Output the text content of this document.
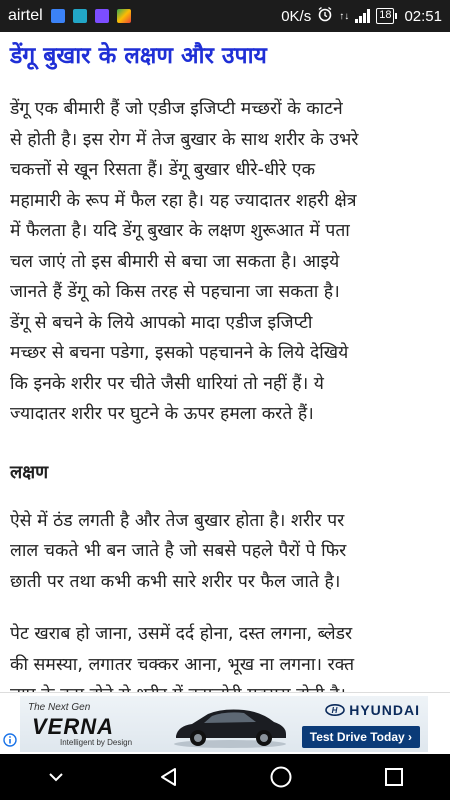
airtel	0K/s	↑↓	18 02:51
डेंगू बुखार के लक्षण और उपाय
डेंगू एक बीमारी हैं जो एडीज इजिप्टी मच्छरों के काटने
से होती है। इस रोग में तेज बुखार के साथ शरीर के उभरे
चकत्तों से खून रिसता हैं। डेंगू बुखार धीरे-धीरे एक
महामारी के रूप में फैल रहा है। यह ज्यादातर शहरी क्षेत्र
में फैलता है। यदि डेंगू बुखार के लक्षण शुरूआत में पता
चल जाएं तो इस बीमारी से बचा जा सकता है। आइये
जानते हैं डेंगू को किस तरह से पहचाना जा सकता है।
डेंगू से बचने के लिये आपको मादा एडीज इजिप्टी
मच्छर से बचना पडेगा, इसको पहचानने के लिये देखिये
कि इनके शरीर पर चीते जैसी धारियां तो नहीं हैं। ये
ज्यादातर शरीर पर घुटने के ऊपर हमला करते हैं।
लक्षण
ऐसे में ठंड लगती है और तेज बुखार होता है। शरीर पर
लाल चकते भी बन जाते है जो सबसे पहले पैरों पे फिर
छाती पर तथा कभी कभी सारे शरीर पर फैल जाते है।
पेट खराब हो जाना, उसमें दर्द होना, दस्त लगना, ब्लेडर
की समस्या, लगातर चक्कर आना, भूख ना लगना। रक्त
The Next Gen
VERNA
Intelligent by Design
H HYUNDAI
Test Drive Today ›
